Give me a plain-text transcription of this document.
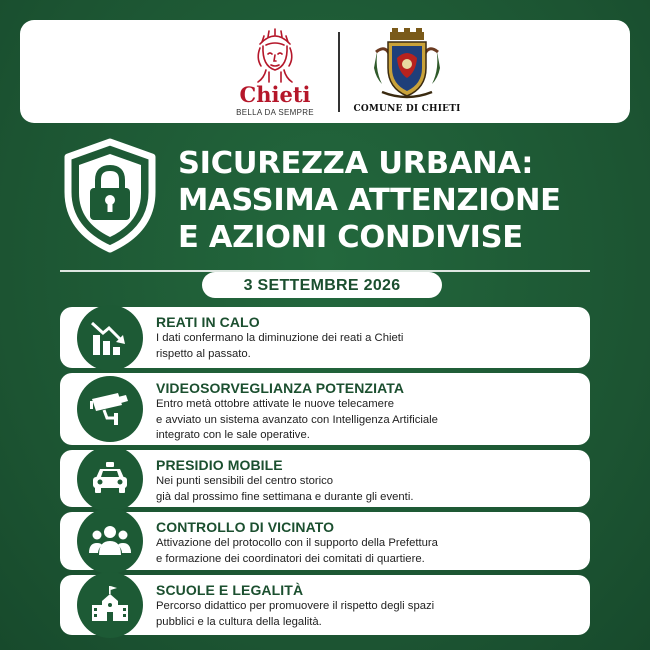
Chieti
BELLA DA SEMPRE	COMUNE DI CHIETI
SICUREZZA URBANA:
MASSIMA ATTENZIONE
E AZIONI CONDIVISE
3 SETTEMBRE 2026
REATI IN CALO
I dati confermano la diminuzione dei reati a Chieti
rispetto al passato.
VIDEOSORVEGLIANZA POTENZIATA
Entro metà ottobre attivate le nuove telecamere
e avviato un sistema avanzato con Intelligenza Artificiale
integrato con le sale operative.
PRESIDIO MOBILE
Nei punti sensibili del centro storico
già dal prossimo fine settimana e durante gli eventi.
CONTROLLO DI VICINATO
Attivazione del protocollo con il supporto della Prefettura
e formazione dei coordinatori dei comitati di quartiere.
SCUOLE E LEGALITÀ
Percorso didattico per promuovere il rispetto degli spazi
pubblici e la cultura della legalità.
